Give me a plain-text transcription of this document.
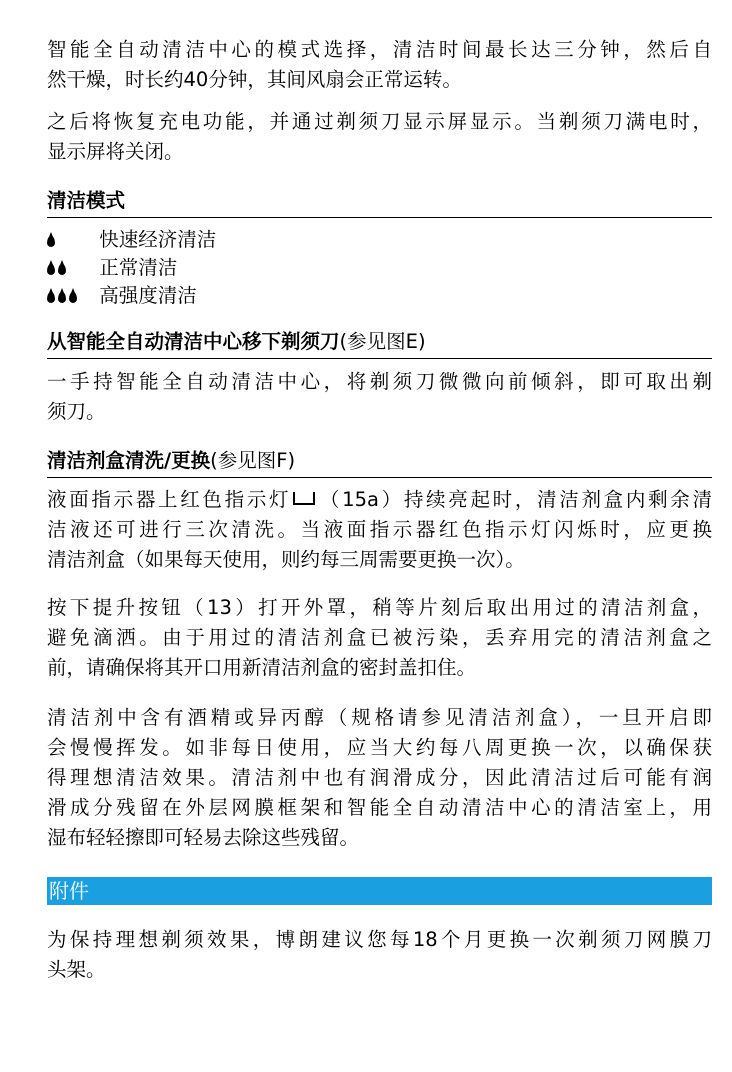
智能全自动清洁中心的模式选择，清洁时间最长达三分钟，然后自
然干燥，时长约40分钟，其间风扇会正常运转。

之后将恢复充电功能，并通过剃须刀显示屏显示。当剃须刀满电时，
显示屏将关闭。

清洁模式
快速经济清洁
正常清洁
高强度清洁
从智能全自动清洁中心移下剃须刀(参见图E)

一手持智能全自动清洁中心，将剃须刀微微向前倾斜，即可取出剃
须刀。

清洁剂盒清洗/更换(参见图F)

液面指示器上红色指示灯 （15a）持续亮起时，清洁剂盒内剩余清
洁液还可进行三次清洗。当液面指示器红色指示灯闪烁时，应更换
清洁剂盒（如果每天使用，则约每三周需要更换一次）。

按下提升按钮（13）打开外罩，稍等片刻后取出用过的清洁剂盒，
避免滴洒。由于用过的清洁剂盒已被污染，丢弃用完的清洁剂盒之
前，请确保将其开口用新清洁剂盒的密封盖扣住。

清洁剂中含有酒精或异丙醇（规格请参见清洁剂盒），一旦开启即
会慢慢挥发。如非每日使用，应当大约每八周更换一次，以确保获
得理想清洁效果。清洁剂中也有润滑成分，因此清洁过后可能有润
滑成分残留在外层网膜框架和智能全自动清洁中心的清洁室上，用
湿布轻轻擦即可轻易去除这些残留。

附件

为保持理想剃须效果，博朗建议您每18个月更换一次剃须刀网膜刀
头架。
